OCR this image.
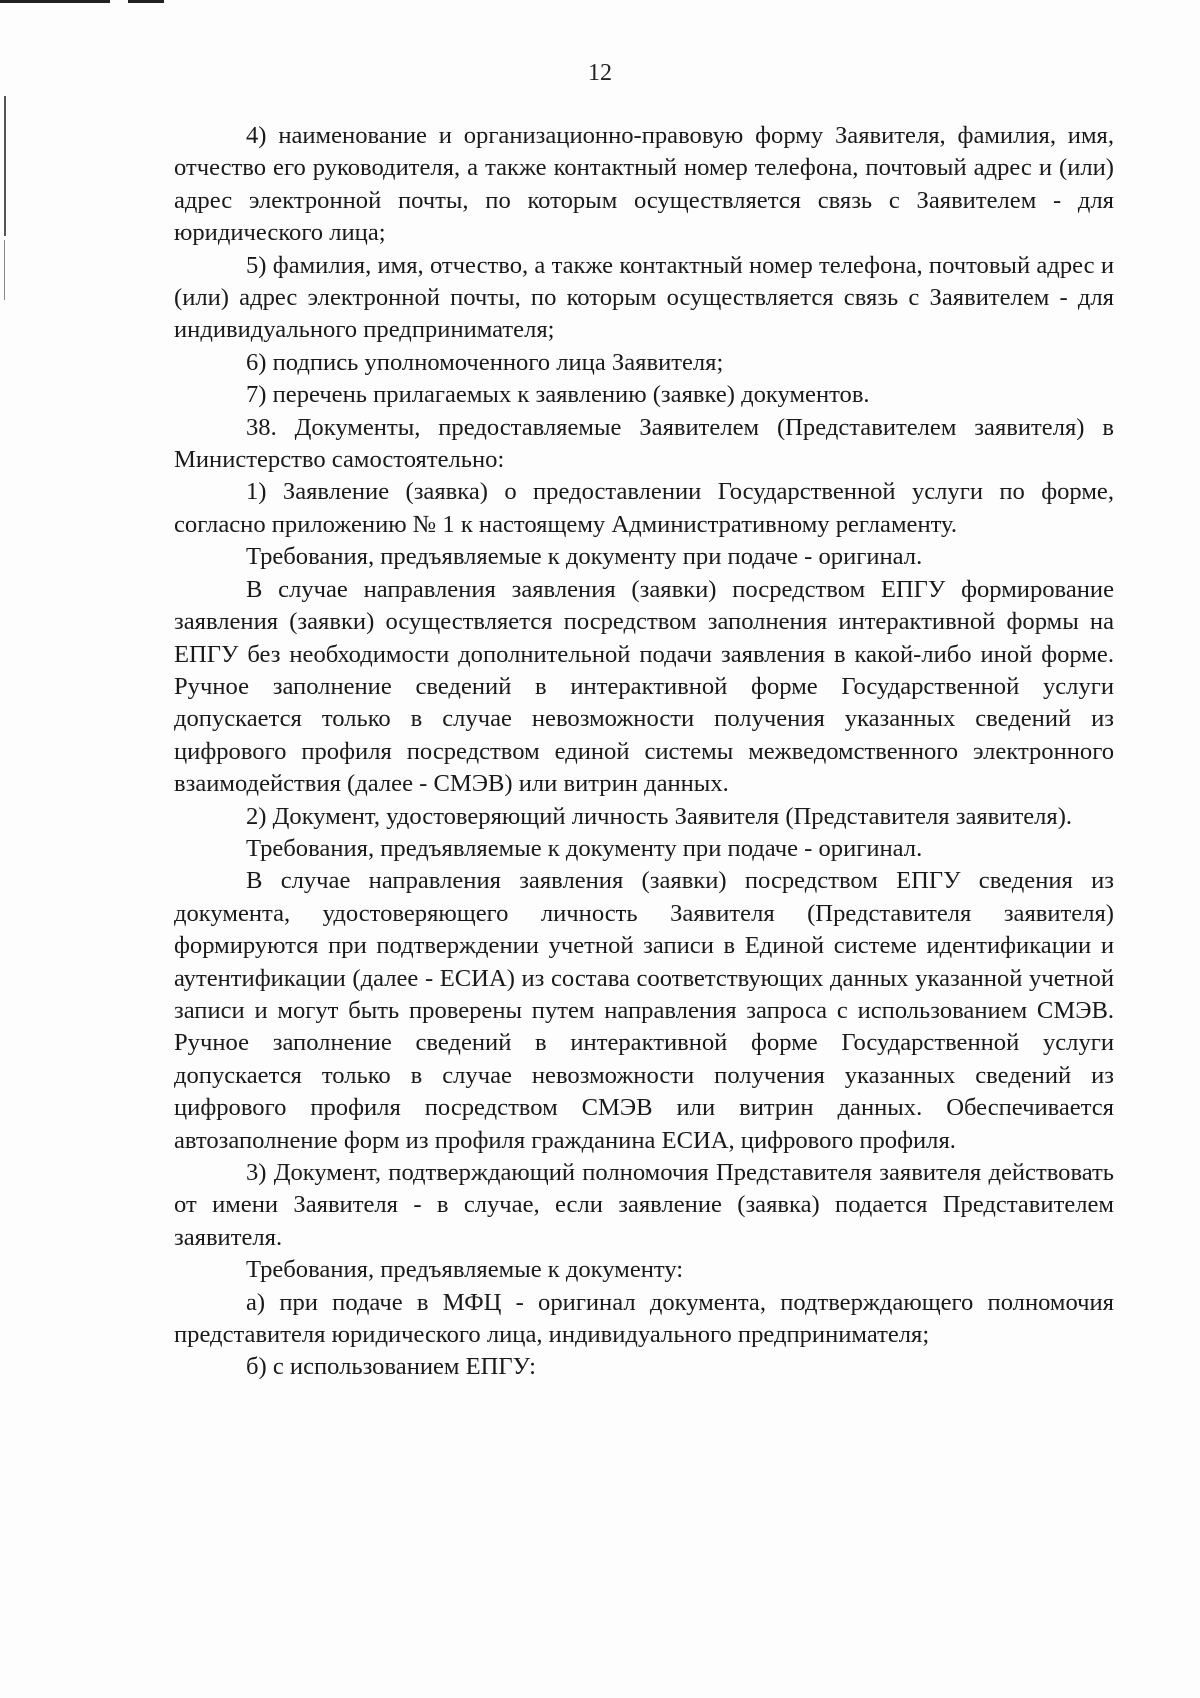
12

4) наименование и организационно-правовую форму Заявителя, фамилия, имя, отчество его руководителя, а также контактный номер телефона, почтовый адрес и (или) адрес электронной почты, по которым осуществляется связь с Заявителем - для юридического лица;

5) фамилия, имя, отчество, а также контактный номер телефона, почтовый адрес и (или) адрес электронной почты, по которым осуществляется связь с Заявителем - для индивидуального предпринимателя;

6) подпись уполномоченного лица Заявителя;

7) перечень прилагаемых к заявлению (заявке) документов.

38. Документы, предоставляемые Заявителем (Представителем заявителя) в Министерство самостоятельно:

1) Заявление (заявка) о предоставлении Государственной услуги по форме, согласно приложению № 1 к настоящему Административному регламенту.

Требования, предъявляемые к документу при подаче - оригинал.

В случае направления заявления (заявки) посредством ЕПГУ формирование заявления (заявки) осуществляется посредством заполнения интерактивной формы на ЕПГУ без необходимости дополнительной подачи заявления в какой-либо иной форме. Ручное заполнение сведений в интерактивной форме Государственной услуги допускается только в случае невозможности получения указанных сведений из цифрового профиля посредством единой системы межведомственного электронного взаимодействия (далее - СМЭВ) или витрин данных.

2) Документ, удостоверяющий личность Заявителя (Представителя заявителя).

Требования, предъявляемые к документу при подаче - оригинал.

В случае направления заявления (заявки) посредством ЕПГУ сведения из документа, удостоверяющего личность Заявителя (Представителя заявителя) формируются при подтверждении учетной записи в Единой системе идентификации и аутентификации (далее - ЕСИА) из состава соответствующих данных указанной учетной записи и могут быть проверены путем направления запроса с использованием СМЭВ. Ручное заполнение сведений в интерактивной форме Государственной услуги допускается только в случае невозможности получения указанных сведений из цифрового профиля посредством СМЭВ или витрин данных. Обеспечивается автозаполнение форм из профиля гражданина ЕСИА, цифрового профиля.

3) Документ, подтверждающий полномочия Представителя заявителя действовать от имени Заявителя - в случае, если заявление (заявка) подается Представителем заявителя.

Требования, предъявляемые к документу:

а) при подаче в МФЦ - оригинал документа, подтверждающего полномочия представителя юридического лица, индивидуального предпринимателя;

б) с использованием ЕПГУ:
